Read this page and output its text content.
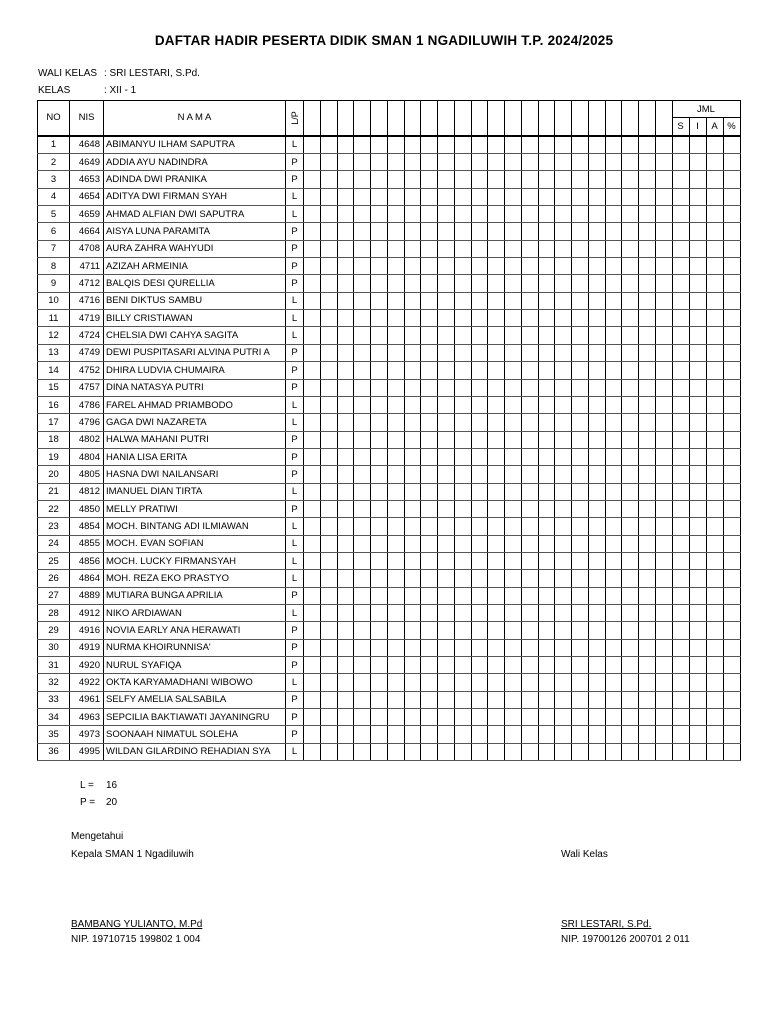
DAFTAR HADIR PESERTA DIDIK SMAN 1 NGADILUWIH T.P. 2024/2025
WALI KELAS : SRI LESTARI, S.Pd.
KELAS	: XII - 1
NO	NIS	N A M A	L/P																							JML			
																										S	I	A	%
1	4648	ABIMANYU ILHAM SAPUTRA	L																										
2	4649	ADDIA AYU NADINDRA	P																										
3	4653	ADINDA DWI PRANIKA	P																										
4	4654	ADITYA DWI FIRMAN SYAH	L																										
5	4659	AHMAD ALFIAN DWI SAPUTRA	L																										
6	4664	AISYA LUNA PARAMITA	P																										
7	4708	AURA ZAHRA WAHYUDI	P																										
8	4711	AZIZAH ARMEINIA	P																										
9	4712	BALQIS DESI QURELLIA	P																										
10	4716	BENI DIKTUS SAMBU	L																										
11	4719	BILLY CRISTIAWAN	L																										
12	4724	CHELSIA DWI CAHYA SAGITA	L																										
13	4749	DEWI PUSPITASARI ALVINA PUTRI A	P																										
14	4752	DHIRA LUDVIA CHUMAIRA	P																										
15	4757	DINA NATASYA PUTRI	P																										
16	4786	FAREL AHMAD PRIAMBODO	L																										
17	4796	GAGA DWI NAZARETA	L																										
18	4802	HALWA MAHANI PUTRI	P																										
19	4804	HANIA LISA ERITA	P																										
20	4805	HASNA DWI NAILANSARI	P																										
21	4812	IMANUEL DIAN TIRTA	L																										
22	4850	MELLY PRATIWI	P																										
23	4854	MOCH. BINTANG ADI ILMIAWAN	L																										
24	4855	MOCH. EVAN SOFIAN	L																										
25	4856	MOCH. LUCKY FIRMANSYAH	L																										
26	4864	MOH. REZA EKO PRASTYO	L																										
27	4889	MUTIARA BUNGA APRILIA	P																										
28	4912	NIKO ARDIAWAN	L																										
29	4916	NOVIA EARLY ANA HERAWATI	P																										
30	4919	NURMA KHOIRUNNISA'	P																										
31	4920	NURUL SYAFIQA	P																										
32	4922	OKTA KARYAMADHANI WIBOWO	L																										
33	4961	SELFY AMELIA SALSABILA	P																										
34	4963	SEPCILIA BAKTIAWATI JAYANINGRU	P																										
35	4973	SOONAAH NIMATUL SOLEHA	P																										
36	4995	WILDAN GILARDINO REHADIAN SYA	L																										
L = 16
P = 20
Mengetahui
Kepala SMAN 1 Ngadiluwih	Wali Kelas
BAMBANG YULIANTO, M.Pd
NIP. 19710715 199802 1 004
SRI LESTARI, S.Pd.
NIP. 19700126 200701 2 011
